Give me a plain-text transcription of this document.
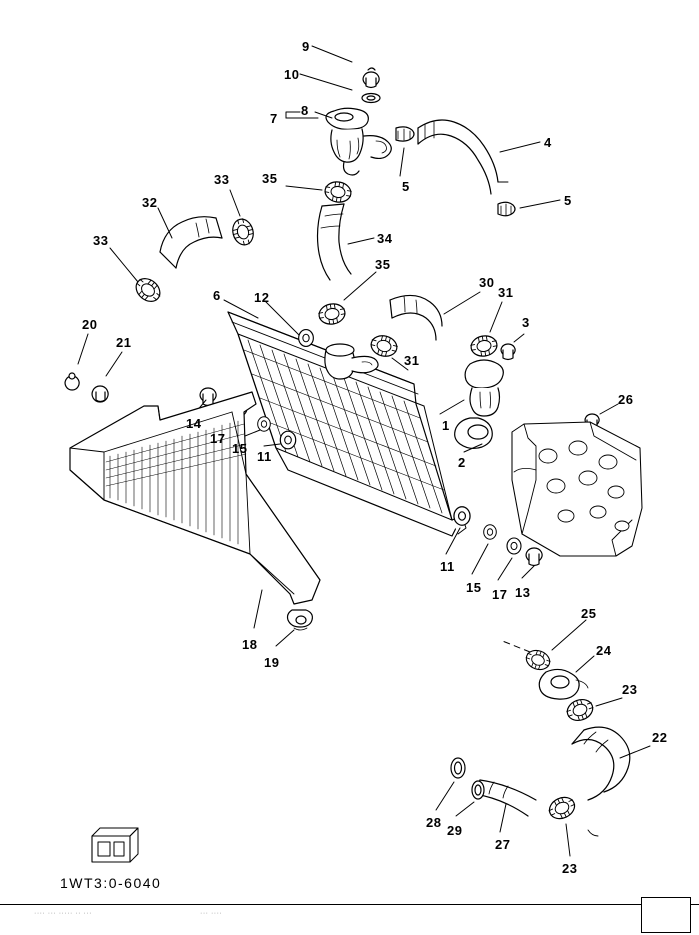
9
10
7
8
4
5
5
33	35
32
34
33
30
35
6	12	31
3
31
20
21
26
14
17
15
11
1
2
11
15 17 13
25
24
18
19
23
22
28
29
27
23
1WT3:0-6040
···· ··· ····· ·· ···	··· ····
